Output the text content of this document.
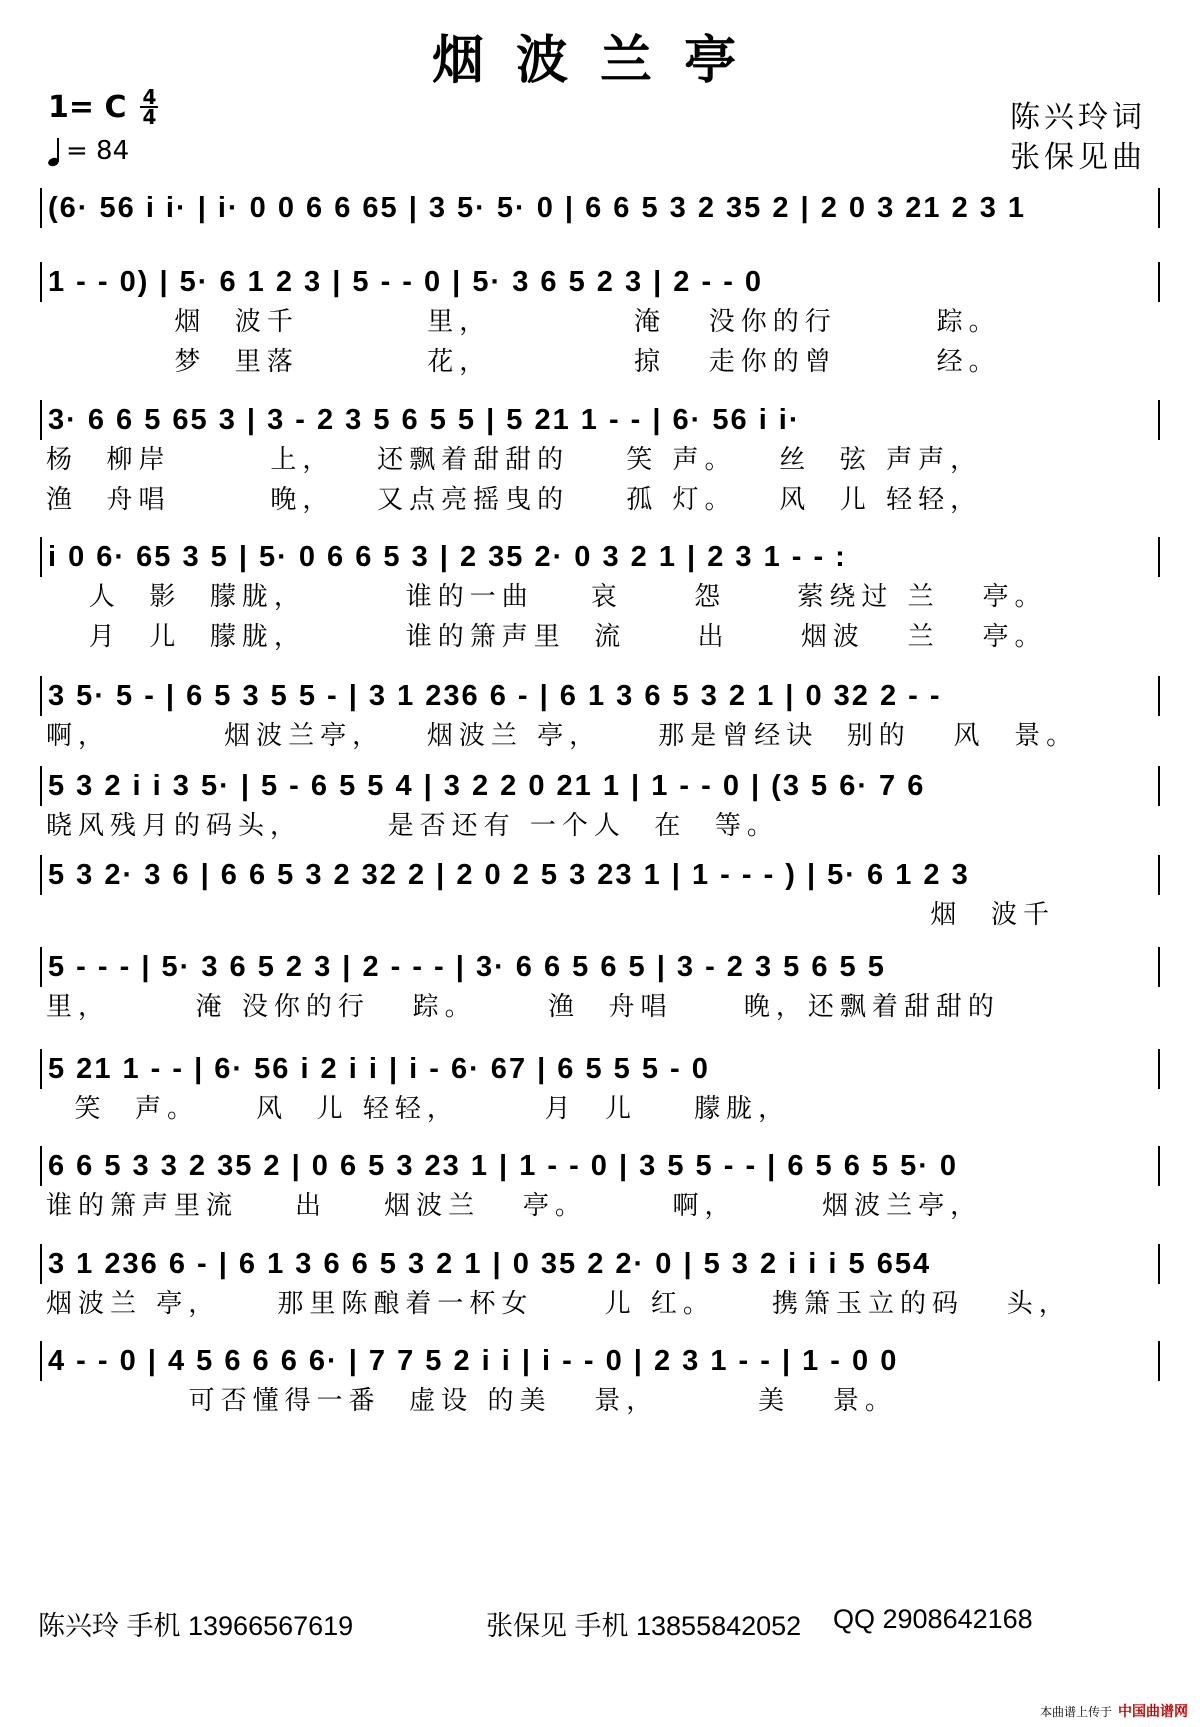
烟波兰亭
1= C 4
4
= 84
陈兴玲词
张保见曲
(6· 56 i i· | i· 0 0 6 6 65 | 3 5· 5· 0 | 6 6 5 3 2 35 2 | 2 0 3 21 2 3 1
1 - - 0) | 5· 6 1 2 3 | 5 - - 0 | 5· 3 6 5 2 3 | 2 - - 0
烟  波千         里，          淹   没你的行       踪。
梦  里落         花，          掠   走你的曾       经。
3· 6 6 5 65 3 | 3 - 2 3 5 6 5 5 | 5 21 1 - - | 6· 56 i i·
杨  柳岸       上，   还飘着甜甜的    笑 声。   丝  弦 声声，
渔  舟唱       晚，   又点亮摇曳的    孤 灯。   风  儿 轻轻，
i 0 6· 65 3 5 | 5· 0 6 6 5 3 | 2 35 2· 0 3 2 1 | 2 3 1 - - :
人  影  朦胧，       谁的一曲    哀     怨     萦绕过 兰   亭。
月  儿  朦胧，       谁的箫声里  流     出     烟波   兰   亭。
3 5· 5 - | 6 5 3 5 5 - | 3 1 236 6 - | 6 1 3 6 5 3 2 1 | 0 32 2 - -
啊，        烟波兰亭，   烟波兰 亭，    那是曾经诀  别的   风  景。
5 3 2 i i 3 5· | 5 - 6 5 5 4 | 3 2 2 0 21 1 | 1 - - 0 | (3 5 6· 7 6
晓风残月的码头，      是否还有 一个人  在  等。
5 3 2· 3 6 | 6 6 5 3 2 32 2 | 2 0 2 5 3 23 1 | 1 - - - ) | 5· 6 1 2 3
烟  波千
5 - - - | 5· 3 6 5 2 3 | 2 - - - | 3· 6 6 5 6 5 | 3 - 2 3 5 6 5 5
里，      淹 没你的行   踪。     渔  舟唱     晚，还飘着甜甜的
5 21 1 - - | 6· 56 i 2 i i | i - 6· 67 | 6 5 5 5 - 0
笑  声。    风  儿 轻轻，      月  儿    朦胧，
6 6 5 3 3 2 35 2 | 0 6 5 3 23 1 | 1 - - 0 | 3 5 5 - - | 6 5 6 5 5· 0
谁的箫声里流    出    烟波兰   亭。      啊，      烟波兰亭，
3 1 236 6 - | 6 1 3 6 6 5 3 2 1 | 0 35 2 2· 0 | 5 3 2 i i i 5 654
烟波兰 亭，    那里陈酿着一杯女     儿 红。    携箫玉立的码   头，
4 - - 0 | 4 5 6 6 6 6· | 7 7 5 2 i i | i - - 0 | 2 3 1 - - | 1 - 0 0
可否懂得一番  虚设 的美   景，       美   景。
陈兴玲 手机 13966567619	张保见 手机 13855842052 QQ 2908642168
本曲谱上传于 中国曲谱网
